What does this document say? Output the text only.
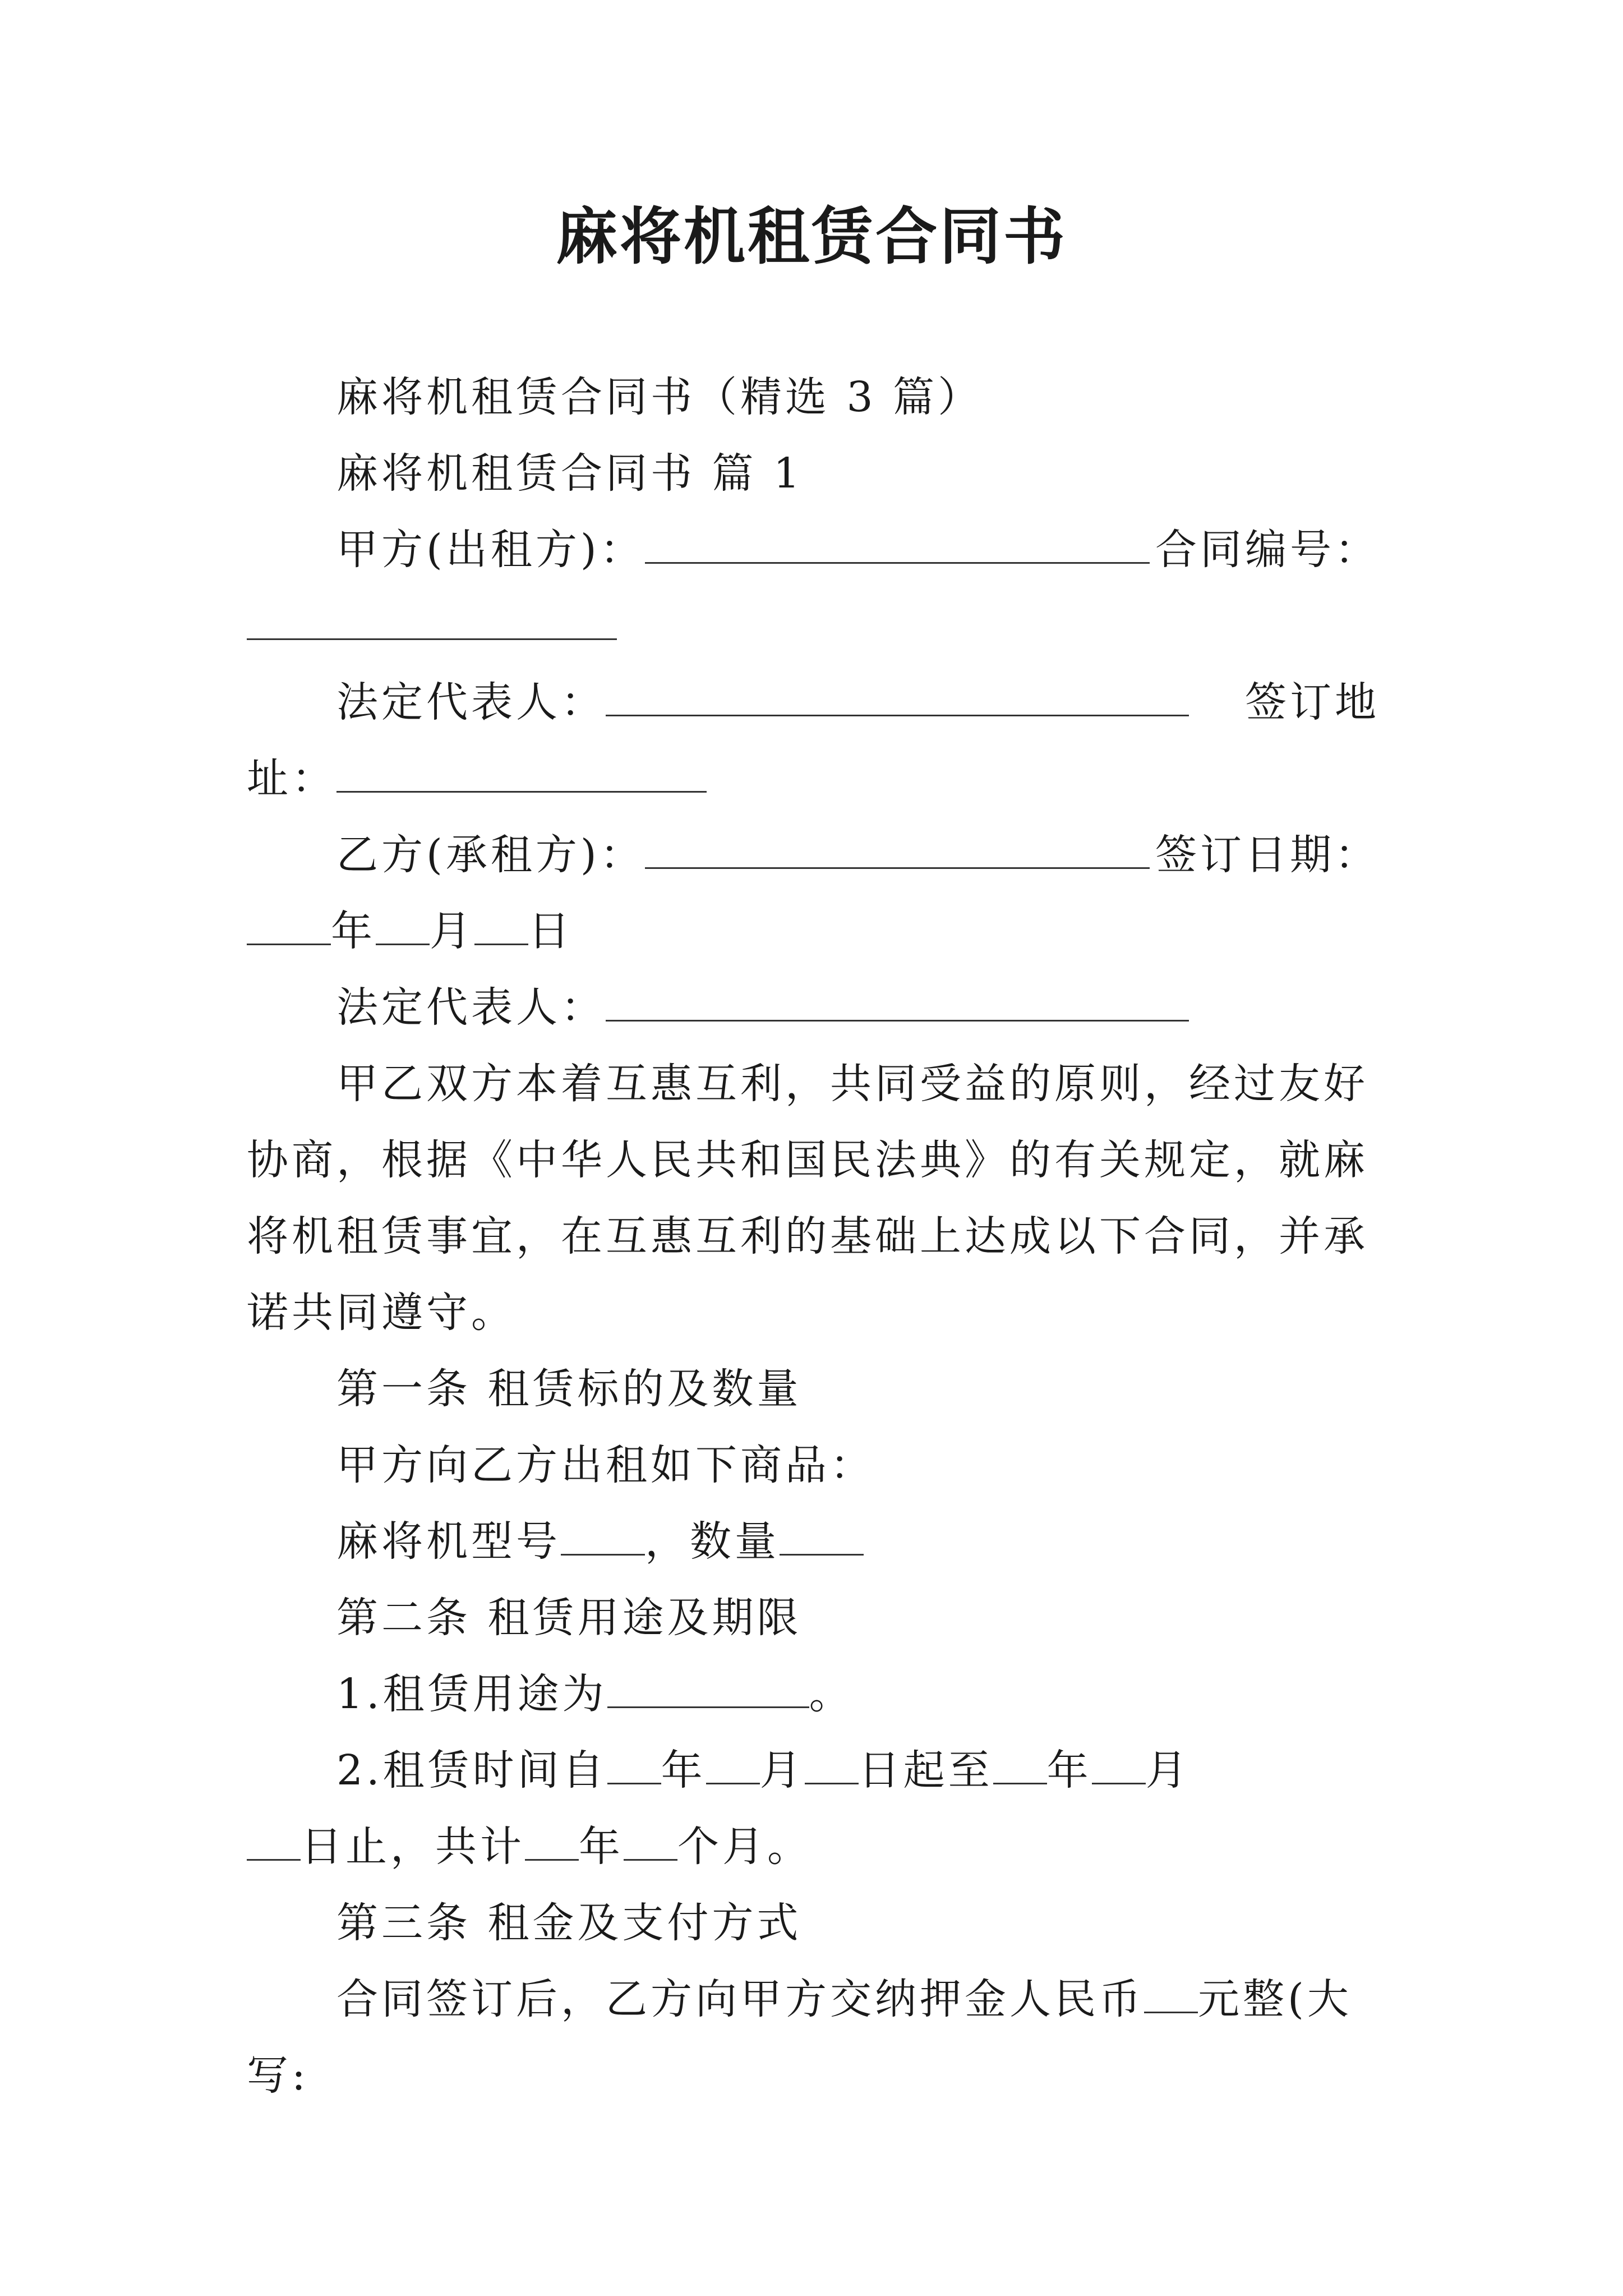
麻将机租赁合同书

麻将机租赁合同书（精选 3 篇）

麻将机租赁合同书 篇 1

甲方(出租方)：	合同编号：
法定代表人：	签订地
址：
乙方(承租方)：	签订日期：
年 月 日

法定代表人：

甲乙双方本着互惠互利，共同受益的原则，经过友好协商，根据《中华人民共和国民法典》的有关规定，就麻将机租赁事宜，在互惠互利的基础上达成以下合同，并承诺共同遵守。

第一条 租赁标的及数量

甲方向乙方出租如下商品：

麻将机型号 ，数量

第二条 租赁用途及期限

1.租赁用途为	。

2.租赁时间自 年 月 日起至 年 月

日止，共计 年 个月。

第三条 租金及支付方式

合同签订后，乙方向甲方交纳押金人民币 元整(大写:
